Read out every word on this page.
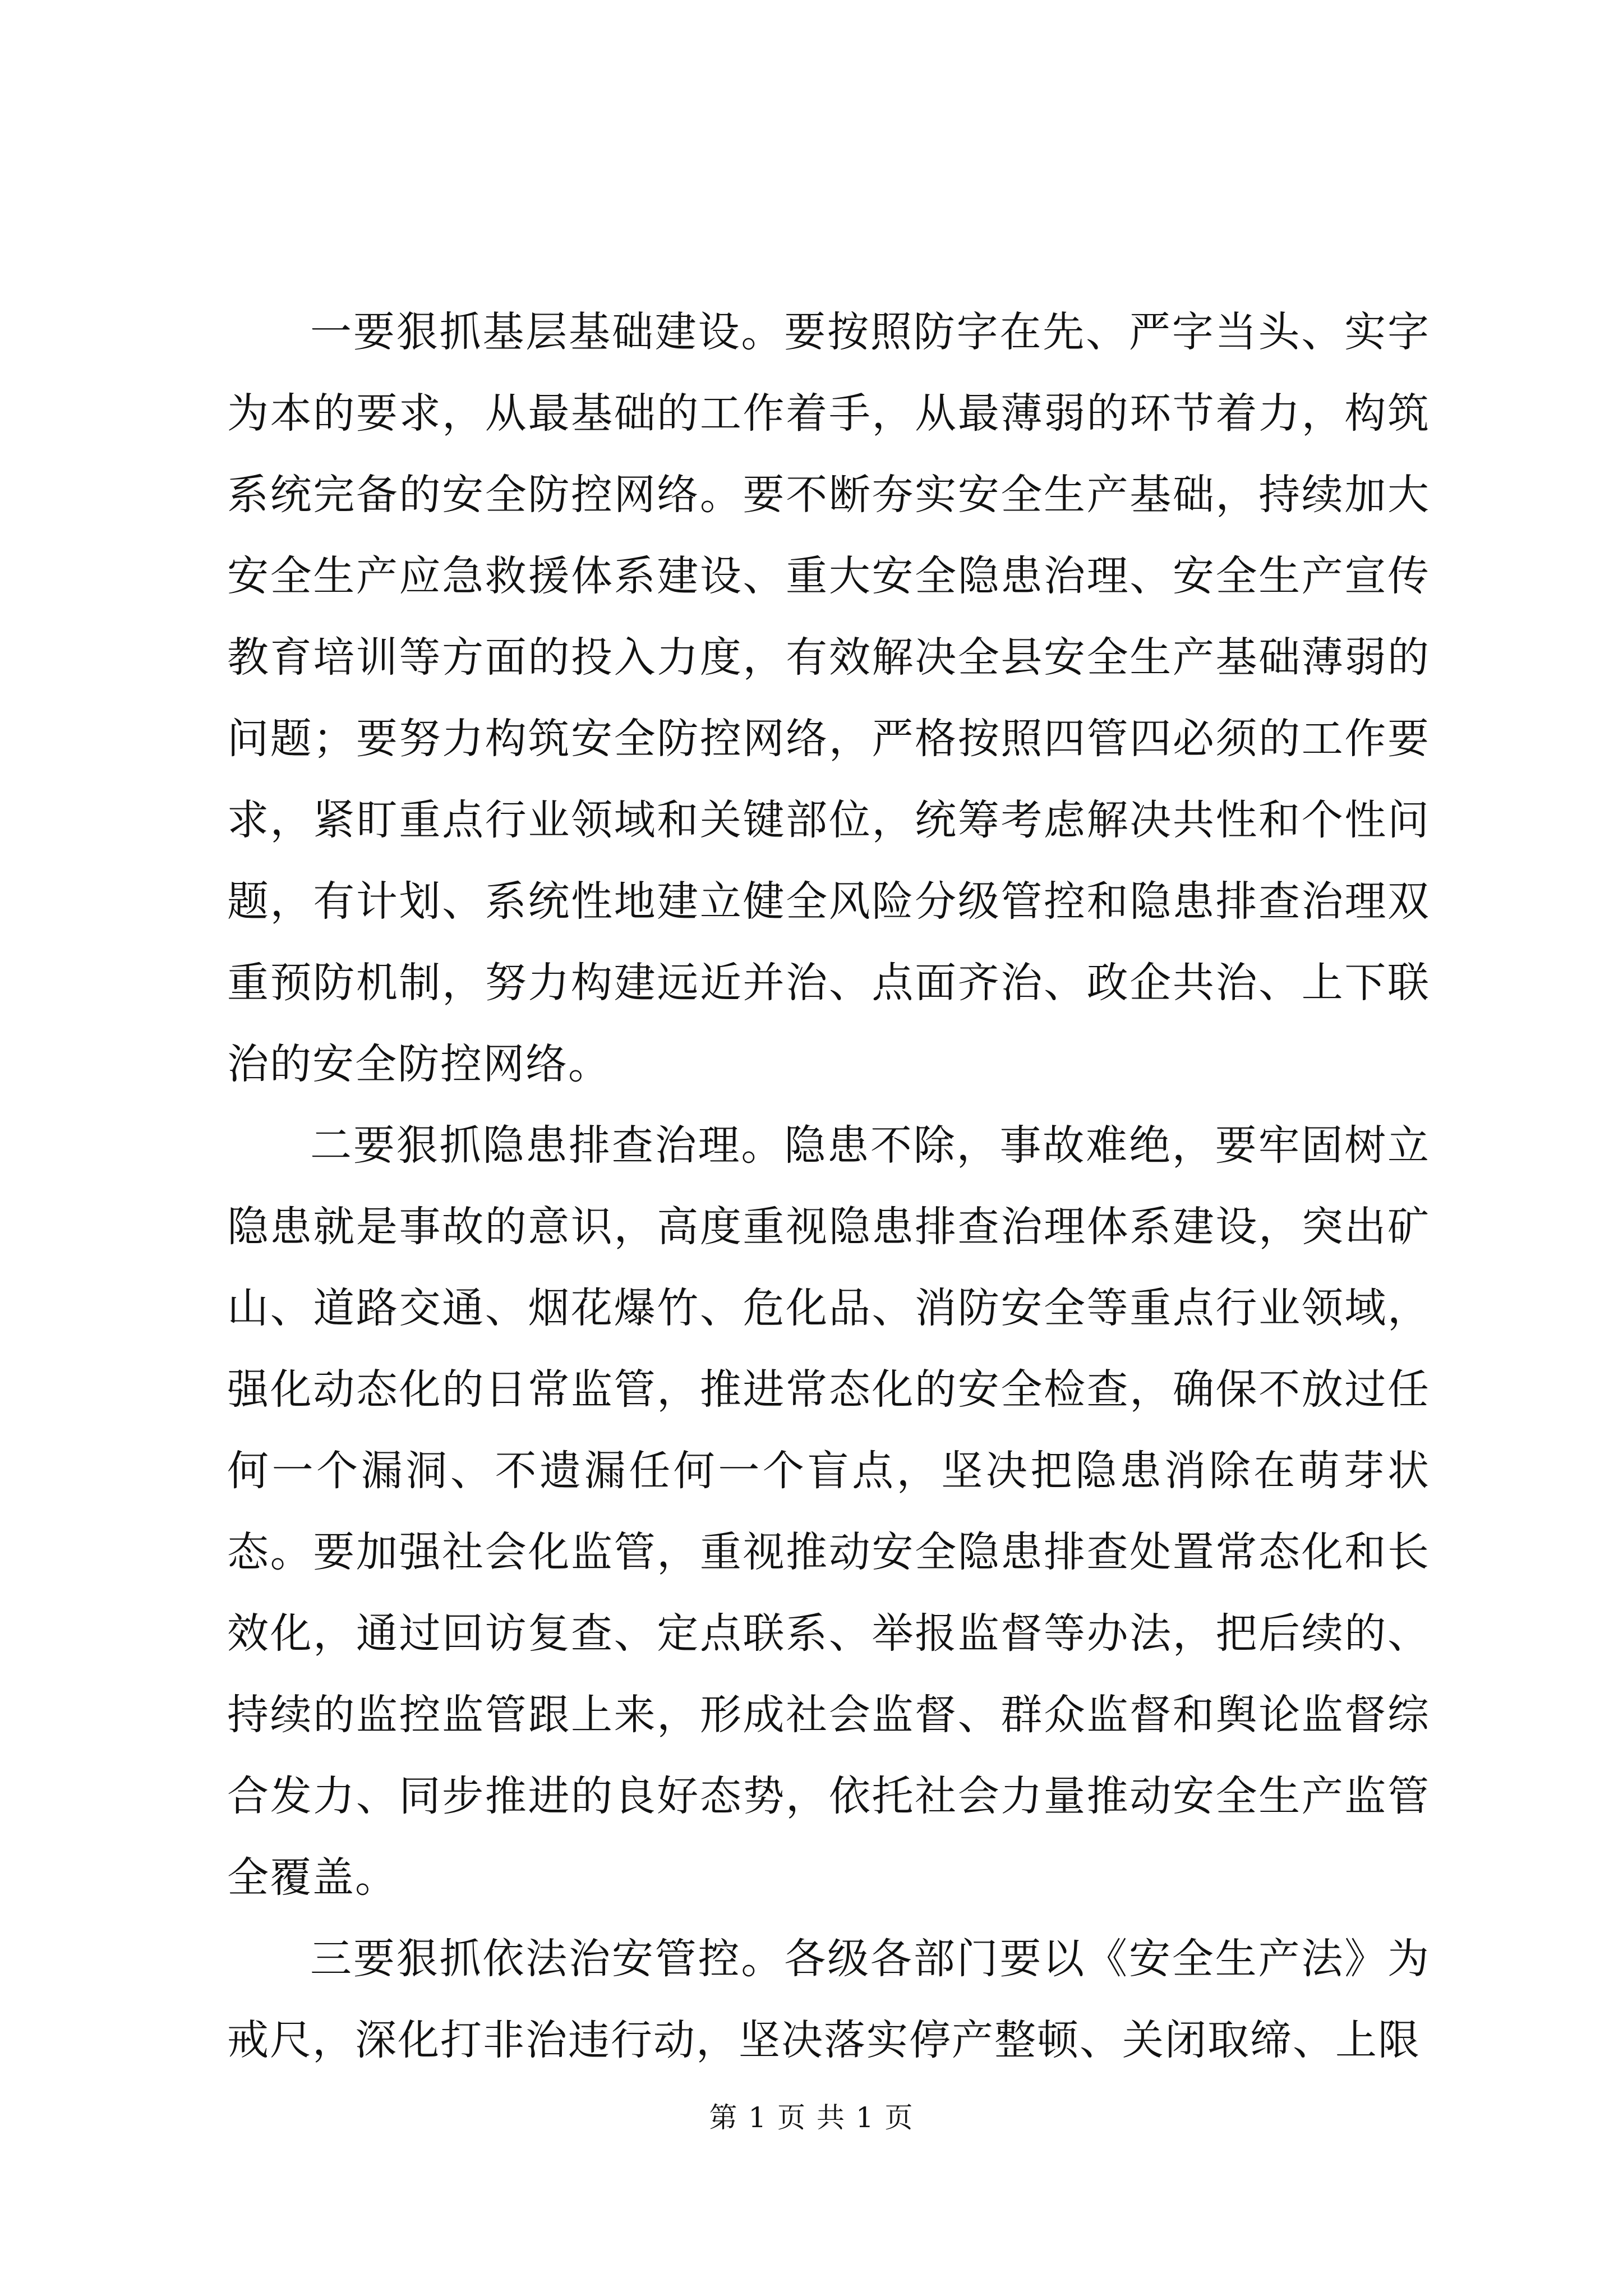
一要狠抓基层基础建设。要按照防字在先、严字当头、实字为本的要求，从最基础的工作着手，从最薄弱的环节着力，构筑系统完备的安全防控网络。要不断夯实安全生产基础，持续加大安全生产应急救援体系建设、重大安全隐患治理、安全生产宣传教育培训等方面的投入力度，有效解决全县安全生产基础薄弱的问题；要努力构筑安全防控网络，严格按照四管四必须的工作要求，紧盯重点行业领域和关键部位，统筹考虑解决共性和个性问题，有计划、系统性地建立健全风险分级管控和隐患排查治理双重预防机制，努力构建远近并治、点面齐治、政企共治、上下联治的安全防控网络。

二要狠抓隐患排查治理。隐患不除，事故难绝，要牢固树立隐患就是事故的意识，高度重视隐患排查治理体系建设，突出矿山、道路交通、烟花爆竹、危化品、消防安全等重点行业领域，强化动态化的日常监管，推进常态化的安全检查，确保不放过任何一个漏洞、不遗漏任何一个盲点，坚决把隐患消除在萌芽状态。要加强社会化监管，重视推动安全隐患排查处置常态化和长效化，通过回访复查、定点联系、举报监督等办法，把后续的、持续的监控监管跟上来，形成社会监督、群众监督和舆论监督综合发力、同步推进的良好态势，依托社会力量推动安全生产监管全覆盖。

三要狠抓依法治安管控。各级各部门要以《安全生产法》为戒尺，深化打非治违行动，坚决落实停产整顿、关闭取缔、上限

第 1 页 共 1 页
